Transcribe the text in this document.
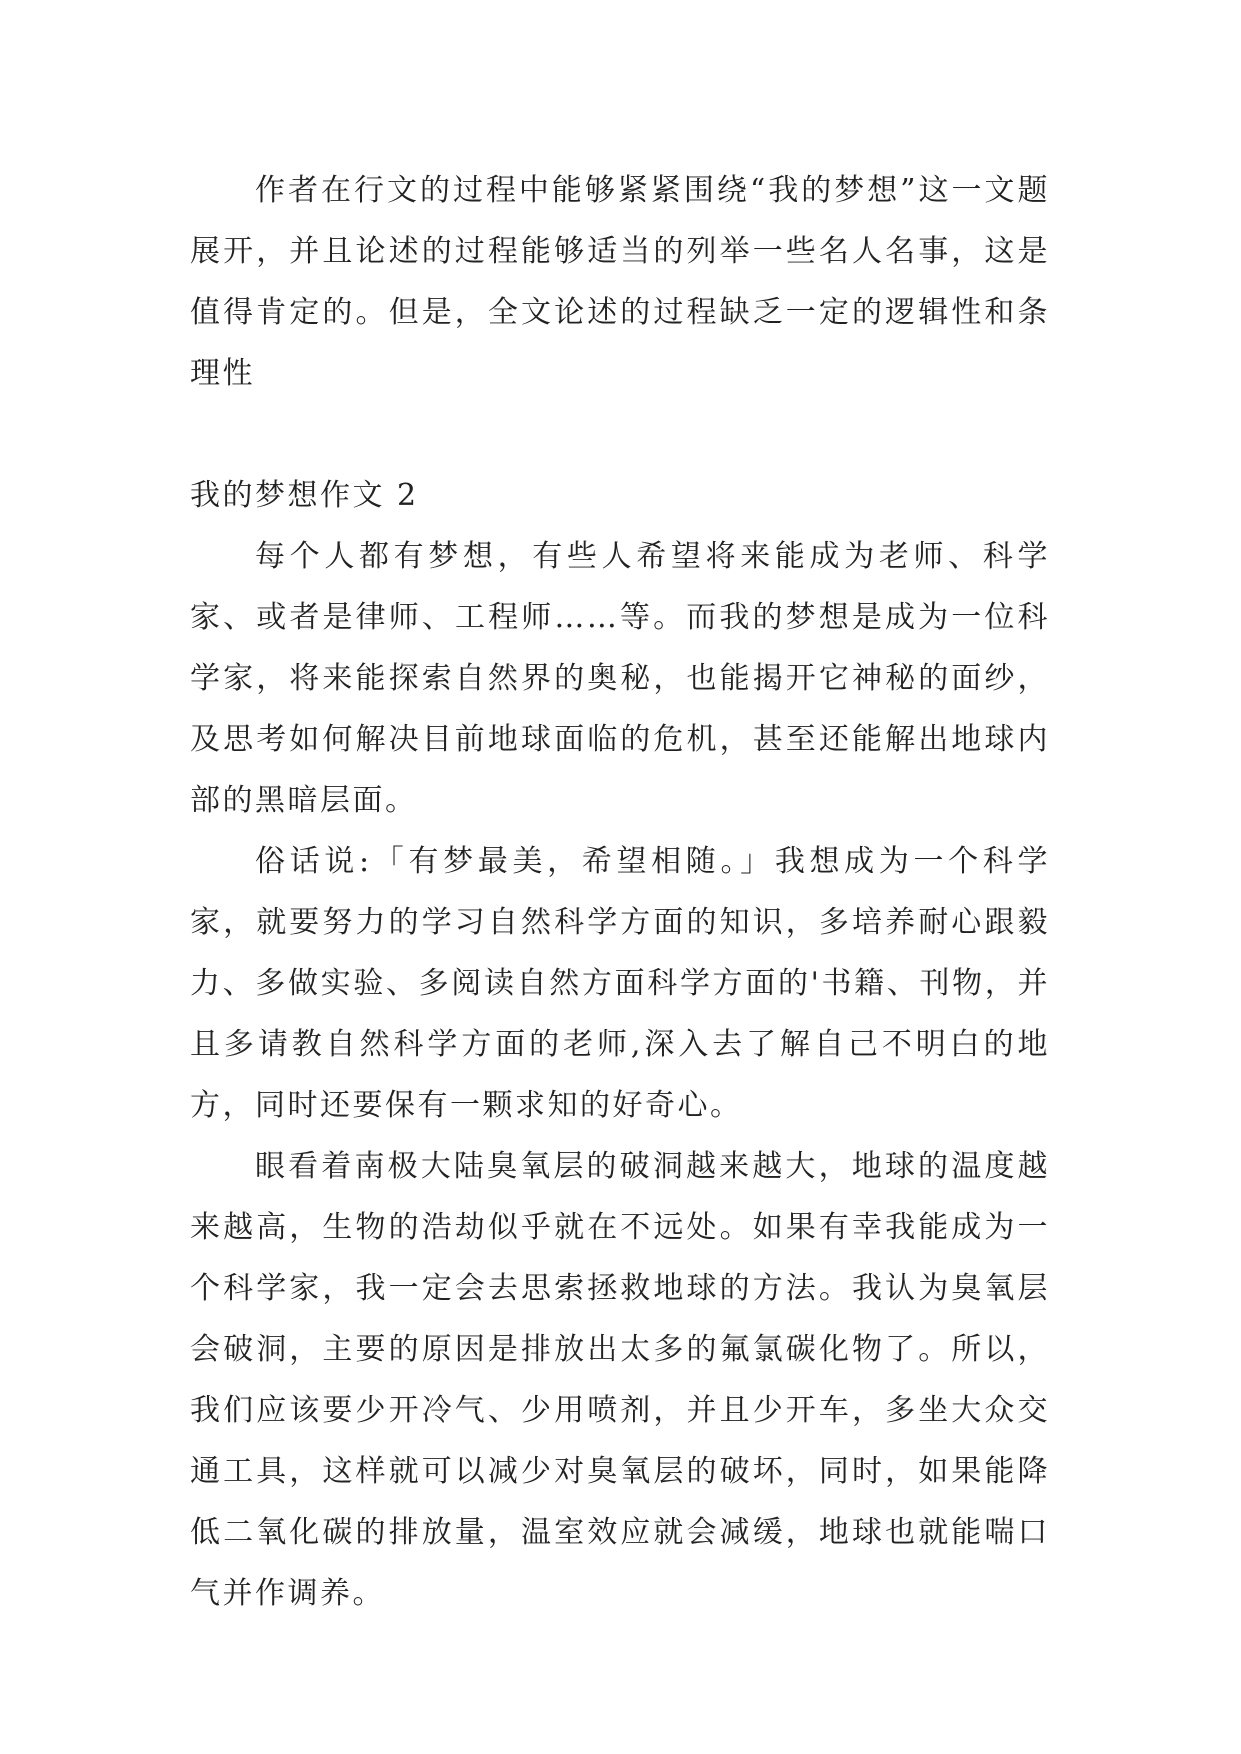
作者在行文的过程中能够紧紧围绕“我的梦想”这一文题展开，并且论述的过程能够适当的列举一些名人名事，这是值得肯定的。但是，全文论述的过程缺乏一定的逻辑性和条理性

我的梦想作文 2

每个人都有梦想，有些人希望将来能成为老师、科学家、或者是律师、工程师……等。而我的梦想是成为一位科学家，将来能探索自然界的奥秘，也能揭开它神秘的面纱，及思考如何解决目前地球面临的危机，甚至还能解出地球内部的黑暗层面。

俗话说:「有梦最美，希望相随。」我想成为一个科学家，就要努力的学习自然科学方面的知识，多培养耐心跟毅力、多做实验、多阅读自然方面科学方面的'书籍、刊物，并且多请教自然科学方面的老师,深入去了解自己不明白的地方，同时还要保有一颗求知的好奇心。

眼看着南极大陆臭氧层的破洞越来越大，地球的温度越来越高，生物的浩劫似乎就在不远处。如果有幸我能成为一个科学家，我一定会去思索拯救地球的方法。我认为臭氧层会破洞，主要的原因是排放出太多的氟氯碳化物了。所以，我们应该要少开冷气、少用喷剂，并且少开车，多坐大众交通工具，这样就可以减少对臭氧层的破坏，同时，如果能降低二氧化碳的排放量，温室效应就会减缓，地球也就能喘口气并作调养。
